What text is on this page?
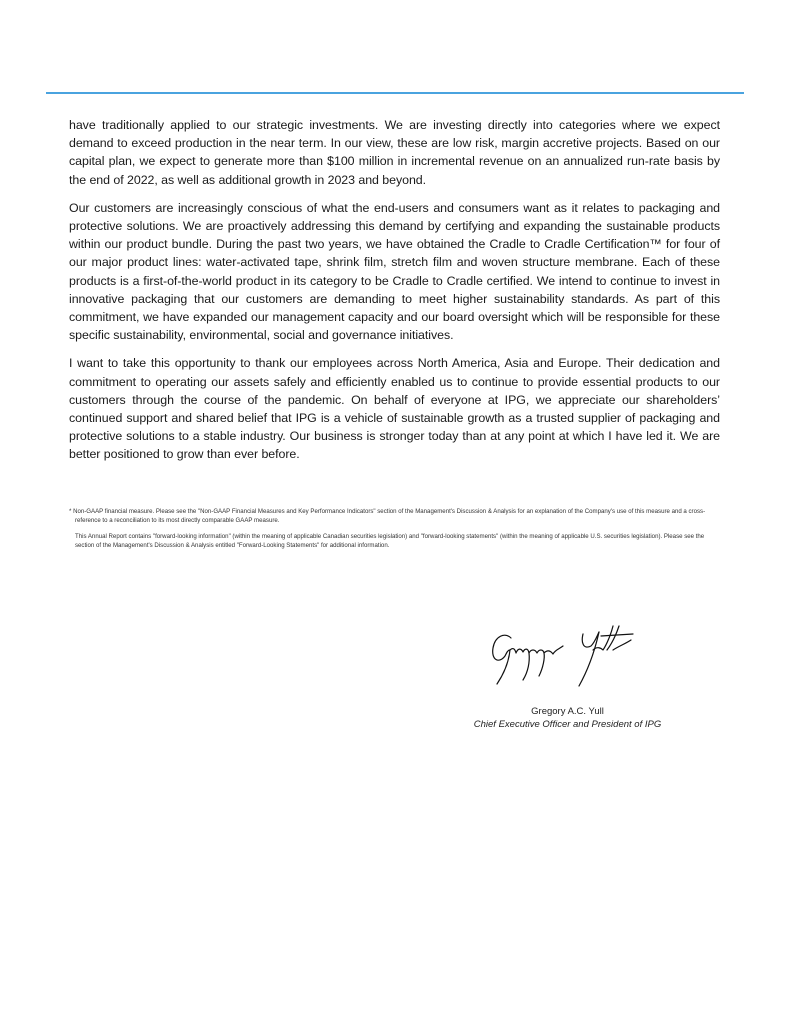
have traditionally applied to our strategic investments. We are investing directly into categories where we expect demand to exceed production in the near term. In our view, these are low risk, margin accretive projects. Based on our capital plan, we expect to generate more than $100 million in incremental revenue on an annualized run-rate basis by the end of 2022, as well as additional growth in 2023 and beyond.

Our customers are increasingly conscious of what the end-users and consumers want as it relates to packaging and protective solutions. We are proactively addressing this demand by certifying and expanding the sustainable products within our product bundle. During the past two years, we have obtained the Cradle to Cradle Certification™ for four of our major product lines: water-activated tape, shrink film, stretch film and woven structure membrane. Each of these products is a first-of-the-world product in its category to be Cradle to Cradle certified. We intend to continue to invest in innovative packaging that our customers are demanding to meet higher sustainability standards. As part of this commitment, we have expanded our management capacity and our board oversight which will be responsible for these specific sustainability, environmental, social and governance initiatives.

I want to take this opportunity to thank our employees across North America, Asia and Europe. Their dedication and commitment to operating our assets safely and efficiently enabled us to continue to provide essential products to our customers through the course of the pandemic. On behalf of everyone at IPG, we appreciate our shareholders’ continued support and shared belief that IPG is a vehicle of sustainable growth as a trusted supplier of packaging and protective solutions to a stable industry. Our business is stronger today than at any point at which I have led it. We are better positioned to grow than ever before.

* Non-GAAP financial measure. Please see the "Non-GAAP Financial Measures and Key Performance Indicators" section of the Management's Discussion & Analysis for an explanation of the Company's use of this measure and a cross-reference to a reconciliation to its most directly comparable GAAP measure.

This Annual Report contains "forward-looking information" (within the meaning of applicable Canadian securities legislation) and "forward-looking statements" (within the meaning of applicable U.S. securities legislation). Please see the section of the Management's Discussion & Analysis entitled "Forward-Looking Statements" for additional information.

Gregory A.C. Yull
Chief Executive Officer and President of IPG
